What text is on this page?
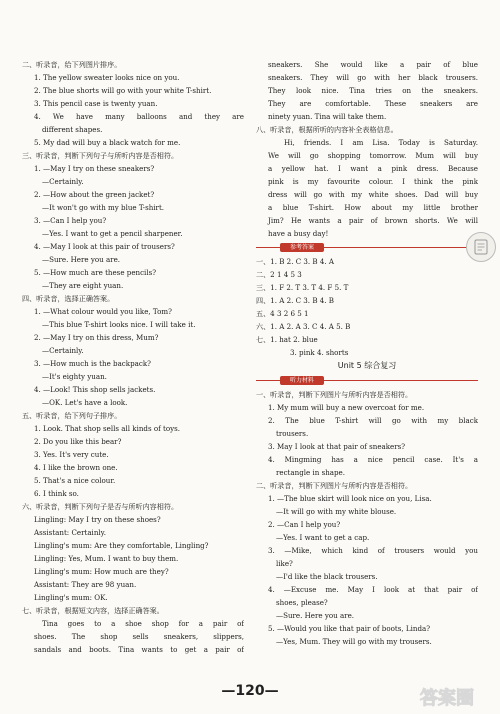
二、听录音，给下列图片排序。
1. The yellow sweater looks nice on you.
2. The blue shorts will go with your white T-shirt.
3. This pencil case is twenty yuan.
4. We have many balloons and they are
different shapes.
5. My dad will buy a black watch for me.
三、听录音，判断下列句子与所听内容是否相符。
1. —May I try on these sneakers?
—Certainly.
2. —How about the green jacket?
—It won't go with my blue T-shirt.
3. —Can I help you?
—Yes. I want to get a pencil sharpener.
4. —May I look at this pair of trousers?
—Sure. Here you are.
5. —How much are these pencils?
—They are eight yuan.
四、听录音，选择正确答案。
1. —What colour would you like, Tom?
—This blue T-shirt looks nice. I will take it.
2. —May I try on this dress, Mum?
—Certainly.
3. —How much is the backpack?
—It's eighty yuan.
4. —Look! This shop sells jackets.
—OK. Let's have a look.
五、听录音，给下列句子排序。
1. Look. That shop sells all kinds of toys.
2. Do you like this bear?
3. Yes. It's very cute.
4. I like the brown one.
5. That's a nice colour.
6. I think so.
六、听录音，判断下列句子是否与所听内容相符。
Lingling: May I try on these shoes?
Assistant: Certainly.
Lingling's mum: Are they comfortable, Lingling?
Lingling: Yes, Mum. I want to buy them.
Lingling's mum: How much are they?
Assistant: They are 98 yuan.
Lingling's mum: OK.
七、听录音，根据短文内容，选择正确答案。
Tina goes to a shoe shop for a pair of
shoes. The shop sells sneakers, slippers,
sandals and boots. Tina wants to get a pair of
sneakers. She would like a pair of blue
sneakers. They will go with her black trousers.
They look nice. Tina tries on the sneakers.
They are comfortable. These sneakers are
ninety yuan. Tina will take them.
八、听录音，根据所听的内容补全表格信息。
Hi, friends. I am Lisa. Today is Saturday.
We will go shopping tomorrow. Mum will buy
a yellow hat. I want a pink dress. Because
pink is my favourite colour. I think the pink
dress will go with my white shoes. Dad will buy
a blue T-shirt. How about my little brother
Jim? He wants a pair of brown shorts. We will
have a busy day!
参考答案
一、1. B 2. C 3. B 4. A
二、2 1 4 5 3
三、1. F 2. T 3. T 4. F 5. T
四、1. A 2. C 3. B 4. B
五、4 3 2 6 5 1
六、1. A 2. A 3. C 4. A 5. B
七、1. hat 2. blue
3. pink 4. shorts
Unit 5 综合复习
听力材料
一、听录音，判断下列图片与所听内容是否相符。
1. My mum will buy a new overcoat for me.
2. The blue T-shirt will go with my black
trousers.
3. May I look at that pair of sneakers?
4. Mingming has a nice pencil case. It's a
rectangle in shape.
二、听录音，判断下列图片与所听内容是否相符。
1. —The blue skirt will look nice on you, Lisa.
—It will go with my white blouse.
2. —Can I help you?
—Yes. I want to get a cap.
3. —Mike, which kind of trousers would you
like?
—I'd like the black trousers.
4. —Excuse me. May I look at that pair of
shoes, please?
—Sure. Here you are.
5. —Would you like that pair of boots, Linda?
—Yes, Mum. They will go with my trousers.
—120—	答案圈
